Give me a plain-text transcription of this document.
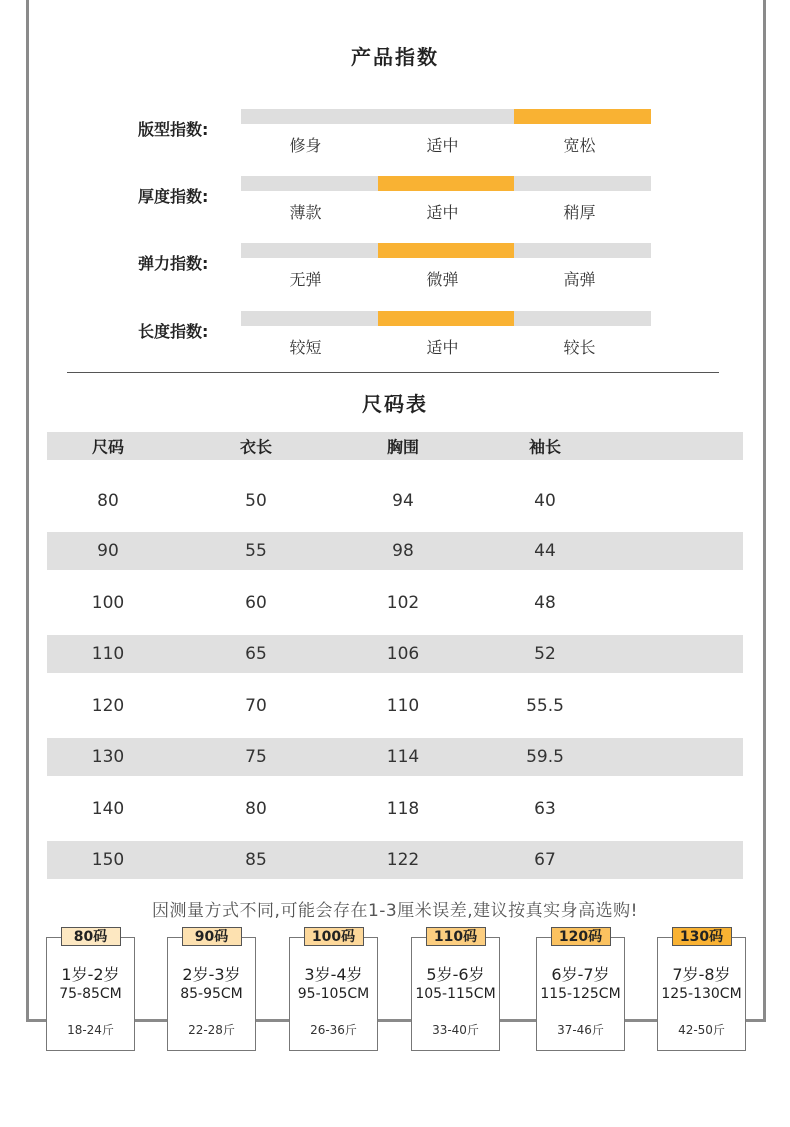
产品指数
版型指数:
修身	适中	宽松
厚度指数:
薄款	适中	稍厚
弹力指数:
无弹	微弹	高弹
长度指数:
较短	适中	较长
尺码表
尺码	衣长	胸围	袖长
80	50	94	40
90	55	98	44
100	60	102	48
110	65	106	52
120	70	110	55.5
130	75	114	59.5
140	80	118	63
150	85	122	67
因测量方式不同,可能会存在1-3厘米误差,建议按真实身高选购!
80码
1岁-2岁
75-85CM
18-24斤
90码
2岁-3岁
85-95CM
22-28斤
100码
3岁-4岁
95-105CM
26-36斤
110码
5岁-6岁
105-115CM
33-40斤
120码
6岁-7岁
115-125CM
37-46斤
130码
7岁-8岁
125-130CM
42-50斤
